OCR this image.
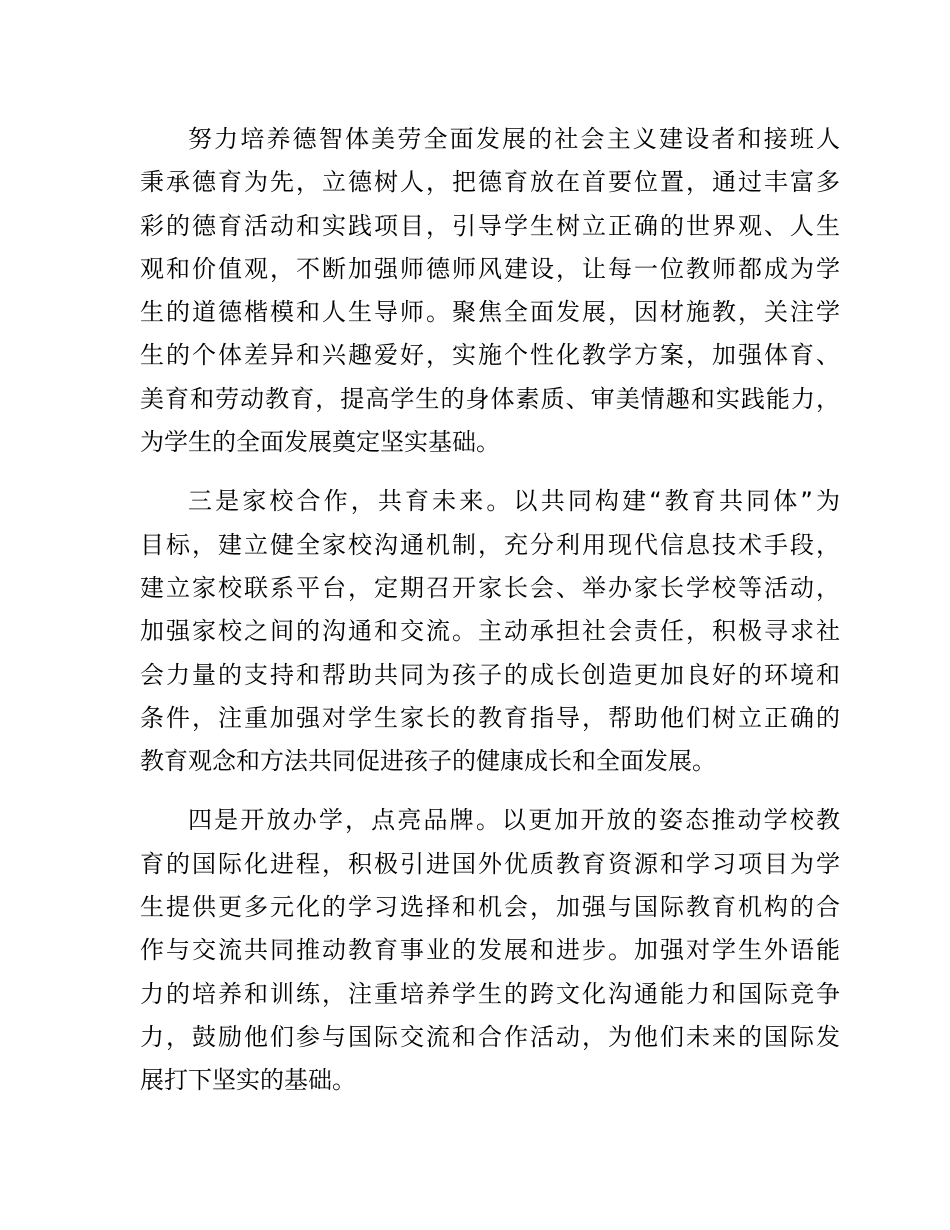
努力培养德智体美劳全面发展的社会主义建设者和接班人
秉承德育为先，立德树人，把德育放在首要位置，通过丰富多
彩的德育活动和实践项目，引导学生树立正确的世界观、人生
观和价值观，不断加强师德师风建设，让每一位教师都成为学
生的道德楷模和人生导师。聚焦全面发展，因材施教，关注学
生的个体差异和兴趣爱好，实施个性化教学方案，加强体育、
美育和劳动教育，提高学生的身体素质、审美情趣和实践能力，
为学生的全面发展奠定坚实基础。
三是家校合作，共育未来。以共同构建“教育共同体”为
目标，建立健全家校沟通机制，充分利用现代信息技术手段，
建立家校联系平台，定期召开家长会、举办家长学校等活动，
加强家校之间的沟通和交流。主动承担社会责任，积极寻求社
会力量的支持和帮助共同为孩子的成长创造更加良好的环境和
条件，注重加强对学生家长的教育指导，帮助他们树立正确的
教育观念和方法共同促进孩子的健康成长和全面发展。
四是开放办学，点亮品牌。以更加开放的姿态推动学校教
育的国际化进程，积极引进国外优质教育资源和学习项目为学
生提供更多元化的学习选择和机会，加强与国际教育机构的合
作与交流共同推动教育事业的发展和进步。加强对学生外语能
力的培养和训练，注重培养学生的跨文化沟通能力和国际竞争
力，鼓励他们参与国际交流和合作活动，为他们未来的国际发
展打下坚实的基础。
